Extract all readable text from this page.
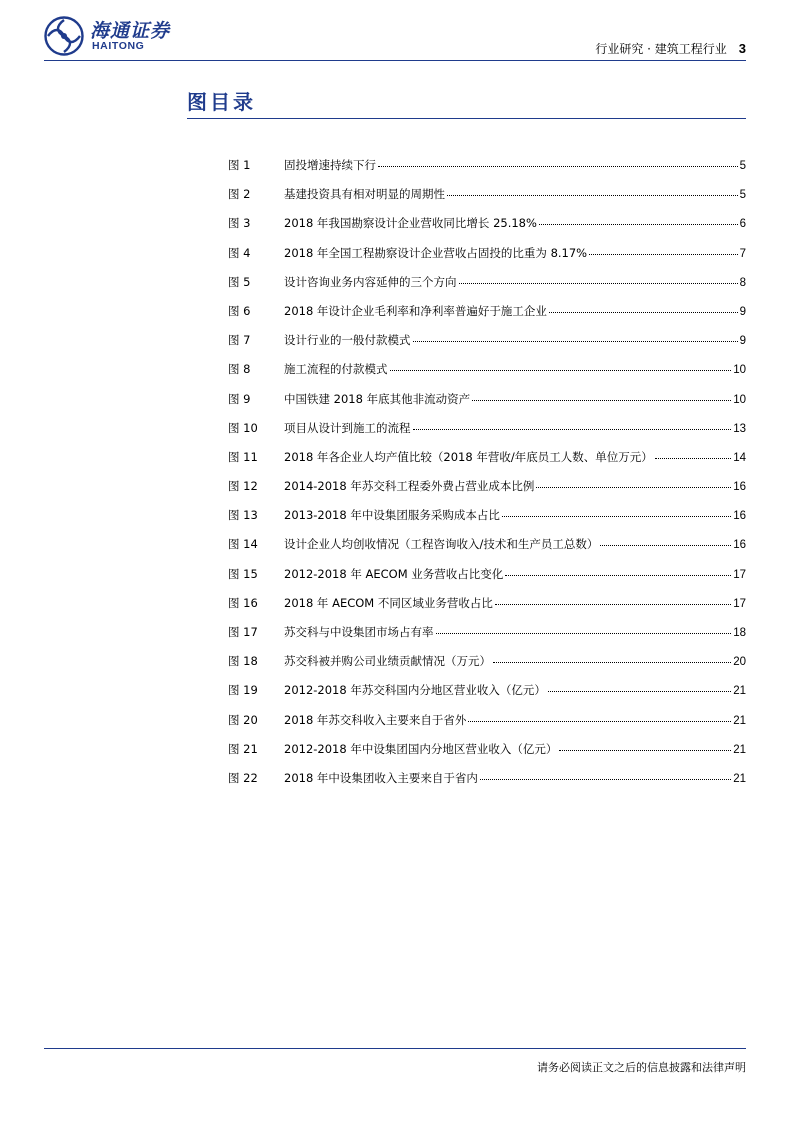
海通证券
HAITONG	行业研究 · 建筑工程行业 3
图目录
图 1	固投增速持续下行	5
图 2	基建投资具有相对明显的周期性	5
图 3	2018 年我国勘察设计企业营收同比增长 25.18%	6
图 4	2018 年全国工程勘察设计企业营收占固投的比重为 8.17%	7
图 5	设计咨询业务内容延伸的三个方向	8
图 6	2018 年设计企业毛利率和净利率普遍好于施工企业	9
图 7	设计行业的一般付款模式	9
图 8	施工流程的付款模式	10
图 9	中国铁建 2018 年底其他非流动资产	10
图 10	项目从设计到施工的流程	13
图 11	2018 年各企业人均产值比较（2018 年营收/年底员工人数、单位万元）	14
图 12	2014-2018 年苏交科工程委外费占营业成本比例	16
图 13	2013-2018 年中设集团服务采购成本占比	16
图 14	设计企业人均创收情况（工程咨询收入/技术和生产员工总数）	16
图 15	2012-2018 年 AECOM 业务营收占比变化	17
图 16	2018 年 AECOM 不同区域业务营收占比	17
图 17	苏交科与中设集团市场占有率	18
图 18	苏交科被并购公司业绩贡献情况（万元）	20
图 19	2012-2018 年苏交科国内分地区营业收入（亿元）	21
图 20	2018 年苏交科收入主要来自于省外	21
图 21	2012-2018 年中设集团国内分地区营业收入（亿元）	21
图 22	2018 年中设集团收入主要来自于省内	21
请务必阅读正文之后的信息披露和法律声明
